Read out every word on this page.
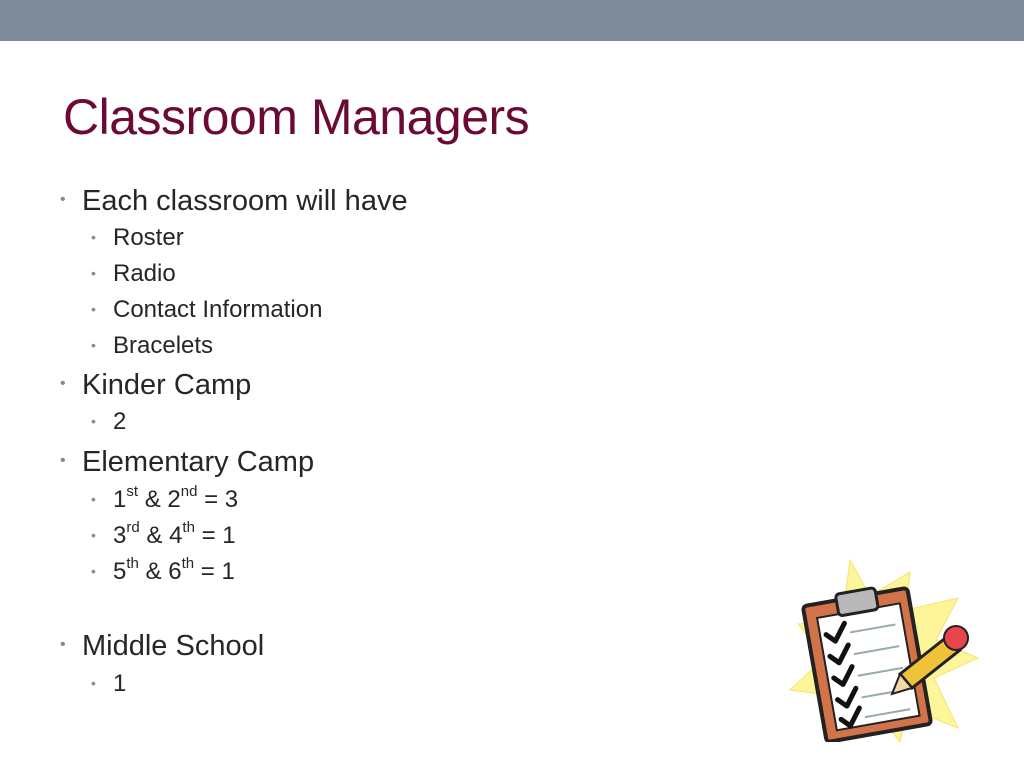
Classroom Managers
• Each classroom will have
• Roster
• Radio
• Contact Information
• Bracelets
• Kinder Camp
• 2
• Elementary Camp
• 1st & 2nd = 3
• 3rd & 4th = 1
• 5th & 6th = 1
• Middle School
• 1
